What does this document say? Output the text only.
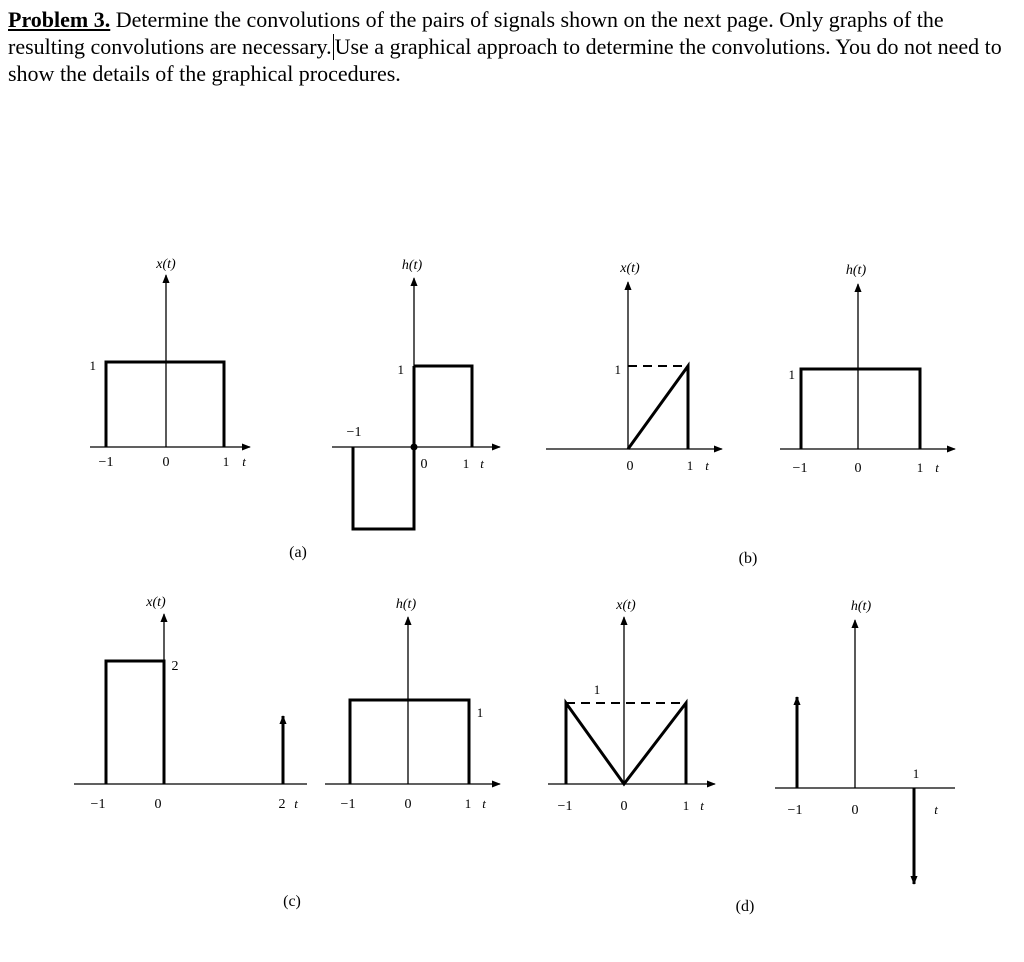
Problem 3. Determine the convolutions of the pairs of signals shown on the next page. Only graphs of the resulting convolutions are necessary. Use a graphical approach to determine the convolutions. You do not need to show the details of the graphical procedures.
x(t)
1
−1	0	1 t
h(t)
1
−1
0	1 t
(a)
x(t)
1
0	1 t
h(t)
1
−1	0	1 t
(b)
x(t)
2
−1	0	2 t
h(t)
1
−1	0	1 t
(c)
x(t)
1
−1	0	1 t
h(t)
1
−1	0	t
(d)
